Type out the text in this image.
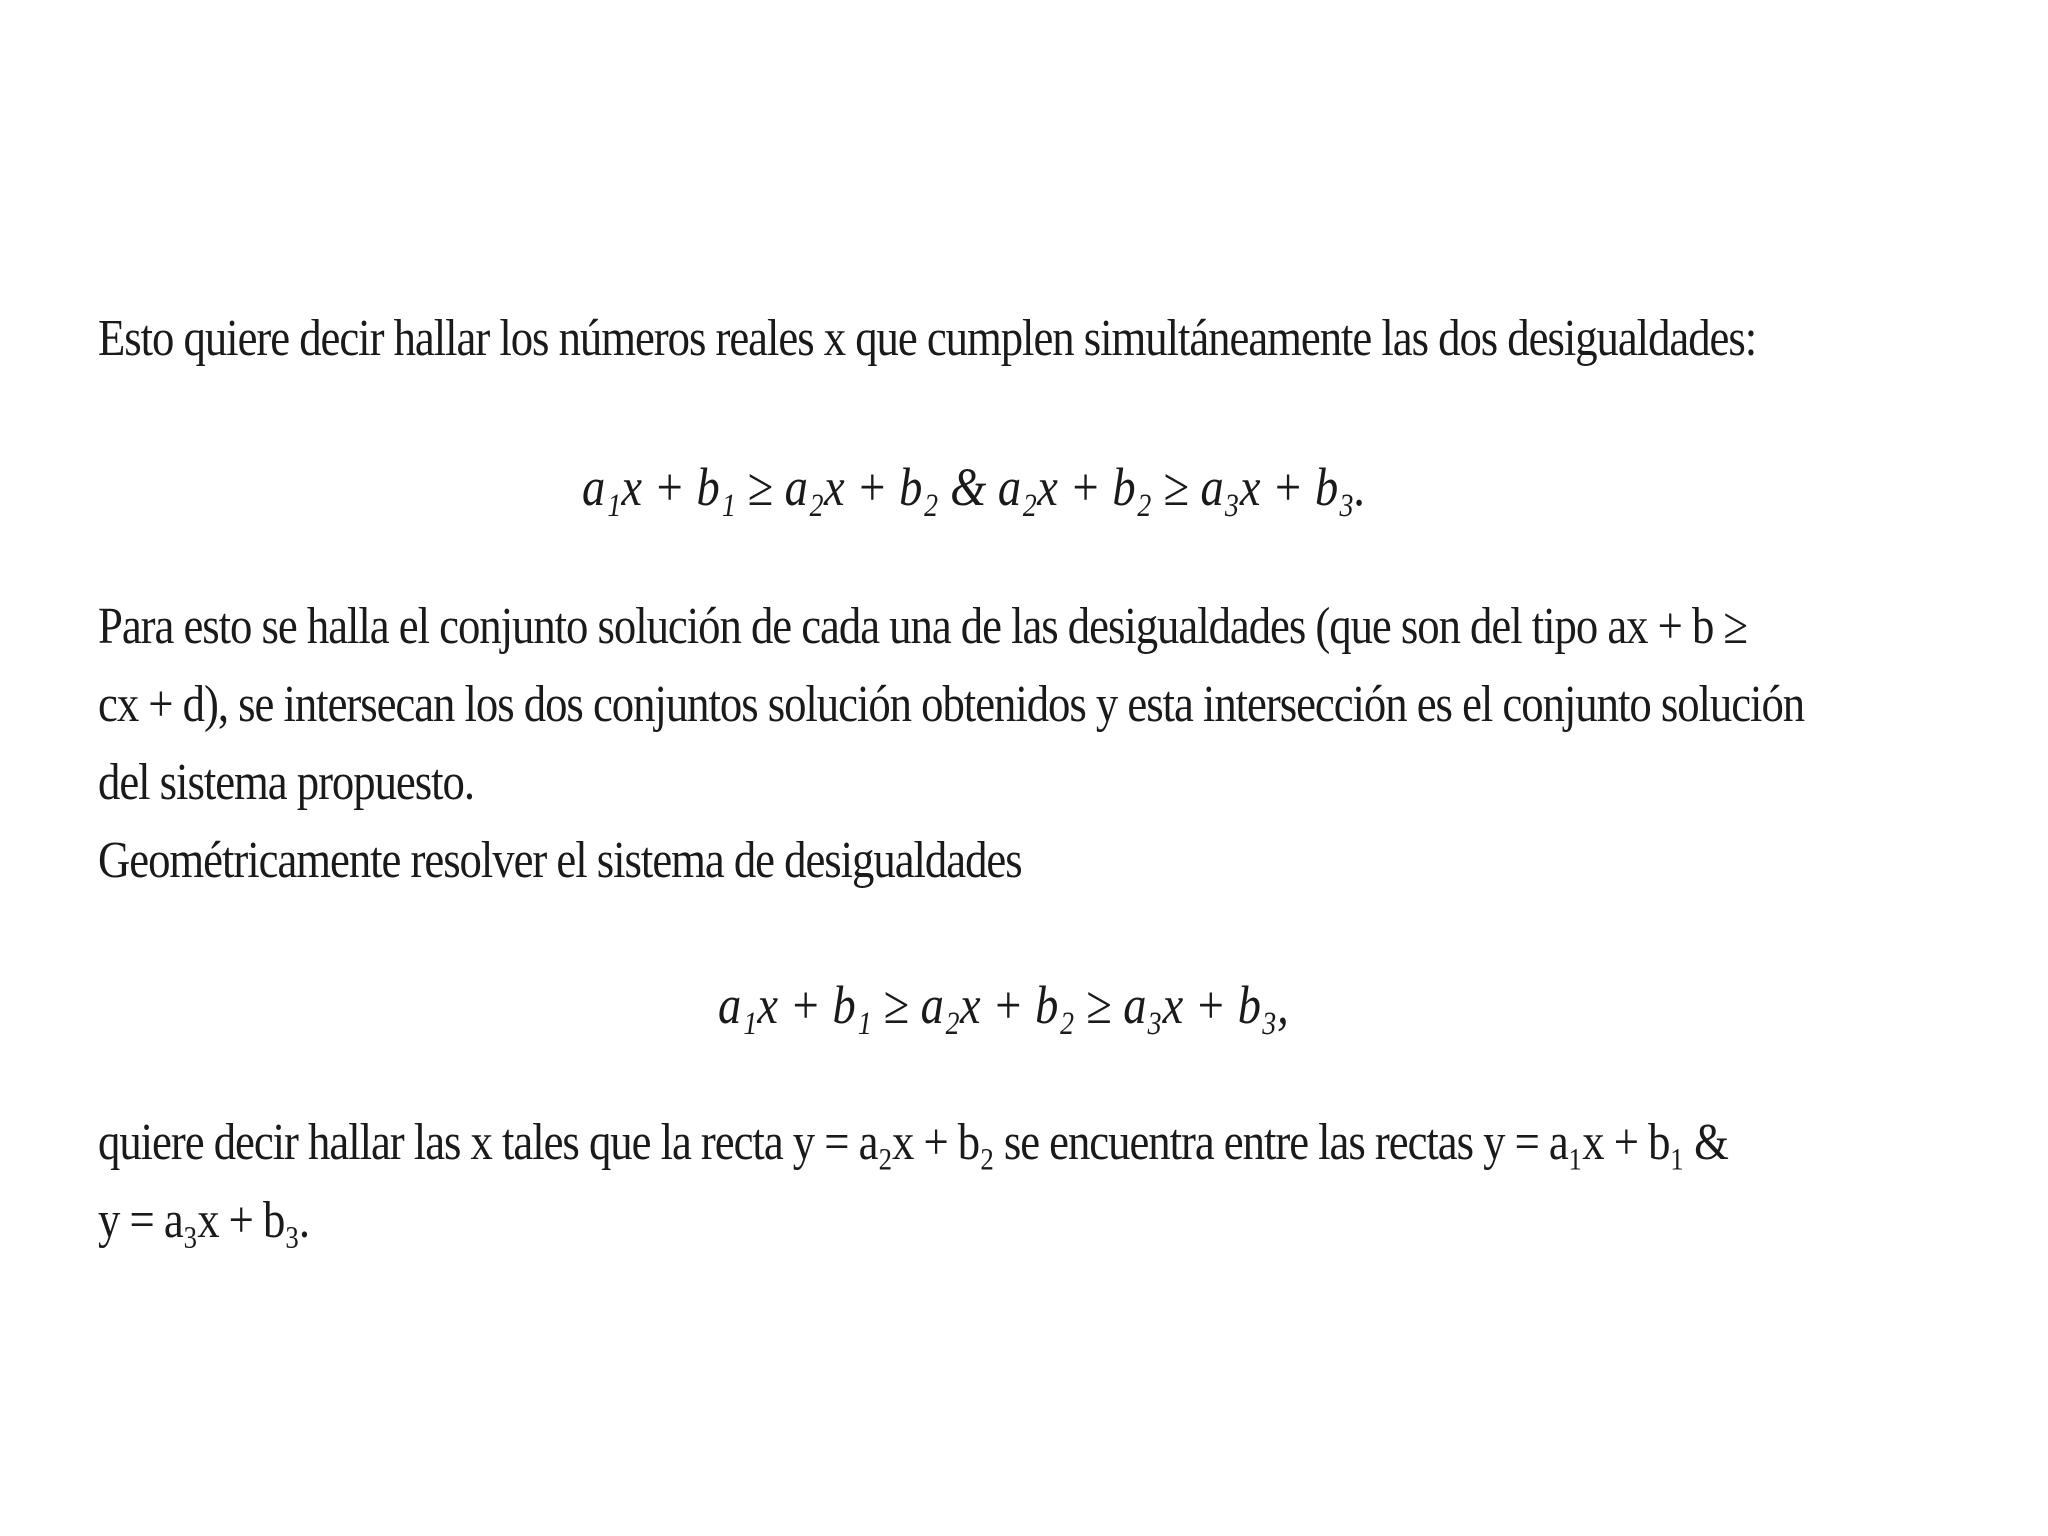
Esto quiere decir hallar los números reales x que cumplen simultáneamente las dos desigualdades:
a₁x + b₁ ≥ a₂x + b₂ & a₂x + b₂ ≥ a₃x + b₃.
Para esto se halla el conjunto solución de cada una de las desigualdades (que son del tipo ax + b ≥
cx + d), se intersecan los dos conjuntos solución obtenidos y esta intersección es el conjunto solución
del sistema propuesto.
Geométricamente resolver el sistema de desigualdades
a₁x + b₁ ≥ a₂x + b₂ ≥ a₃x + b₃,
quiere decir hallar las x tales que la recta y = a₂x + b₂ se encuentra entre las rectas y = a₁x + b₁ &
y = a₃x + b₃.
